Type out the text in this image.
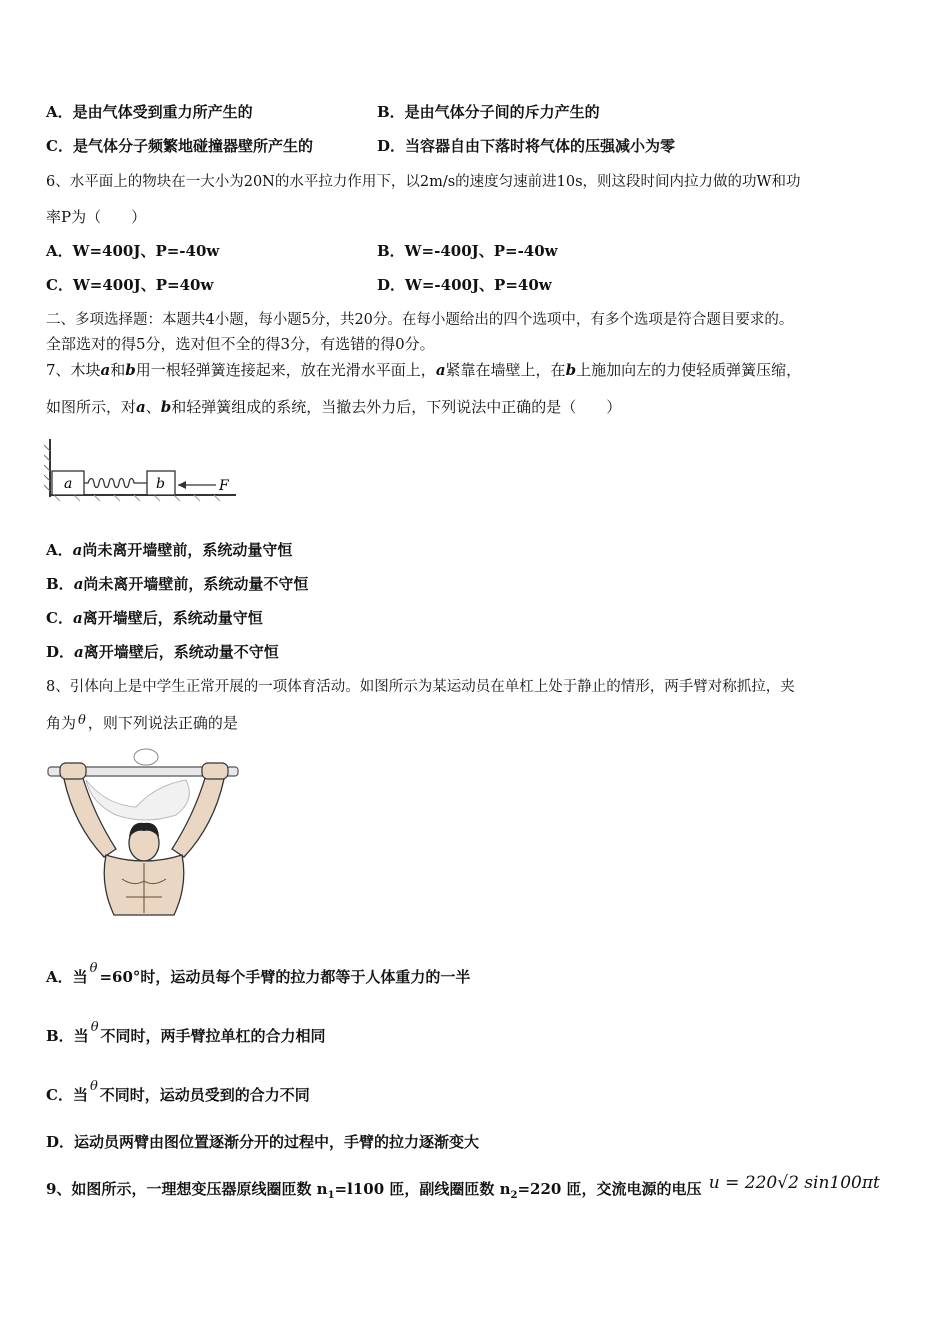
A．是由气体受到重力所产生的	B．是由气体分子间的斥力产生的
C．是气体分子频繁地碰撞器壁所产生的	D．当容器自由下落时将气体的压强减小为零
6、水平面上的物块在一大小为20N的水平拉力作用下，以2m/s的速度匀速前进10s，则这段时间内拉力做的功W和功
率P为（　　）
A．W=400J、P=-40w	B．W=-400J、P=-40w
C．W=400J、P=40w	D．W=-400J、P=40w
二、多项选择题：本题共4小题，每小题5分，共20分。在每小题给出的四个选项中，有多个选项是符合题目要求的。
全部选对的得5分，选对但不全的得3分，有选错的得0分。
7、木块a和b用一根轻弹簧连接起来，放在光滑水平面上，a紧靠在墙壁上，在b上施加向左的力使轻质弹簧压缩，
如图所示，对a、b和轻弹簧组成的系统，当撤去外力后，下列说法中正确的是（　　）
a	b	F
A．a尚未离开墙壁前，系统动量守恒
B．a尚未离开墙壁前，系统动量不守恒
C．a离开墙壁后，系统动量守恒
D．a离开墙壁后，系统动量不守恒
8、引体向上是中学生正常开展的一项体育活动。如图所示为某运动员在单杠上处于静止的情形，两手臂对称抓拉，夹
角为 θ ，则下列说法正确的是
A．当 θ =60°时，运动员每个手臂的拉力都等于人体重力的一半
B．当 θ 不同时，两手臂拉单杠的合力相同
C．当 θ 不同时，运动员受到的合力不同
D．运动员两臂由图位置逐渐分开的过程中，手臂的拉力逐渐变大
9、如图所示，一理想变压器原线圈匝数 $n_1=l100$ 匝，副线圈匝数 $n_2=220$ 匝，交流电源的电压 u = 220√2 sin100πt
